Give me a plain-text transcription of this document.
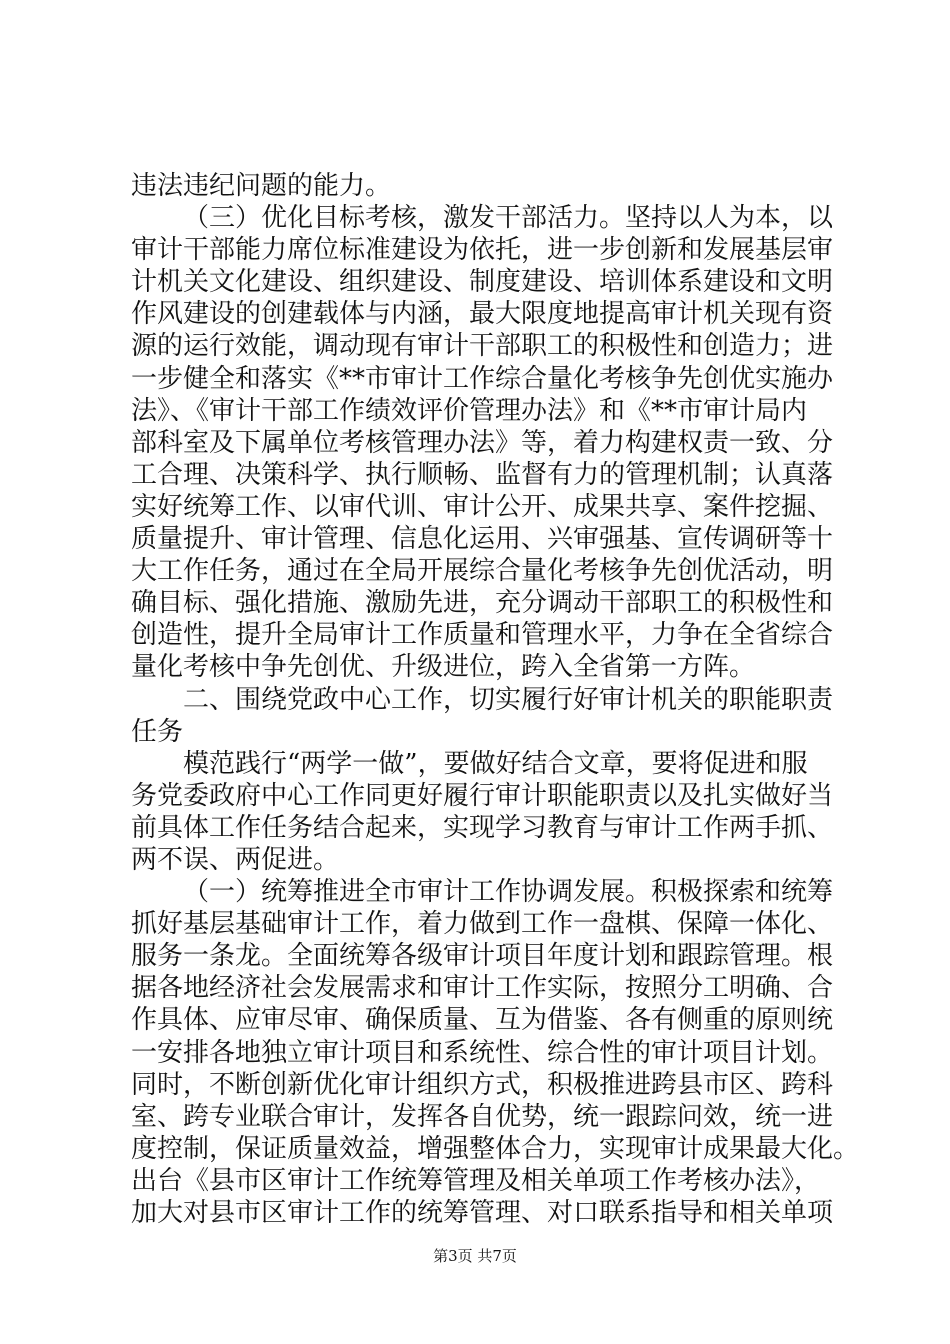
违法违纪问题的能力。
（三）优化目标考核，激发干部活力。坚持以人为本，以
审计干部能力席位标准建设为依托，进一步创新和发展基层审
计机关文化建设、组织建设、制度建设、培训体系建设和文明
作风建设的创建载体与内涵，最大限度地提高审计机关现有资
源的运行效能，调动现有审计干部职工的积极性和创造力；进
一步健全和落实《**市审计工作综合量化考核争先创优实施办
法》、《审计干部工作绩效评价管理办法》和《**市审计局内
部科室及下属单位考核管理办法》等，着力构建权责一致、分
工合理、决策科学、执行顺畅、监督有力的管理机制；认真落
实好统筹工作、以审代训、审计公开、成果共享、案件挖掘、
质量提升、审计管理、信息化运用、兴审强基、宣传调研等十
大工作任务，通过在全局开展综合量化考核争先创优活动，明
确目标、强化措施、激励先进，充分调动干部职工的积极性和
创造性，提升全局审计工作质量和管理水平，力争在全省综合
量化考核中争先创优、升级进位，跨入全省第一方阵。
二、围绕党政中心工作，切实履行好审计机关的职能职责
任务
模范践行“两学一做”，要做好结合文章，要将促进和服
务党委政府中心工作同更好履行审计职能职责以及扎实做好当
前具体工作任务结合起来，实现学习教育与审计工作两手抓、
两不误、两促进。
（一）统筹推进全市审计工作协调发展。积极探索和统筹
抓好基层基础审计工作，着力做到工作一盘棋、保障一体化、
服务一条龙。全面统筹各级审计项目年度计划和跟踪管理。根
据各地经济社会发展需求和审计工作实际，按照分工明确、合
作具体、应审尽审、确保质量、互为借鉴、各有侧重的原则统
一安排各地独立审计项目和系统性、综合性的审计项目计划。
同时，不断创新优化审计组织方式，积极推进跨县市区、跨科
室、跨专业联合审计，发挥各自优势，统一跟踪问效，统一进
度控制，保证质量效益，增强整体合力，实现审计成果最大化。
出台《县市区审计工作统筹管理及相关单项工作考核办法》，
加大对县市区审计工作的统筹管理、对口联系指导和相关单项
第3页 共7页
